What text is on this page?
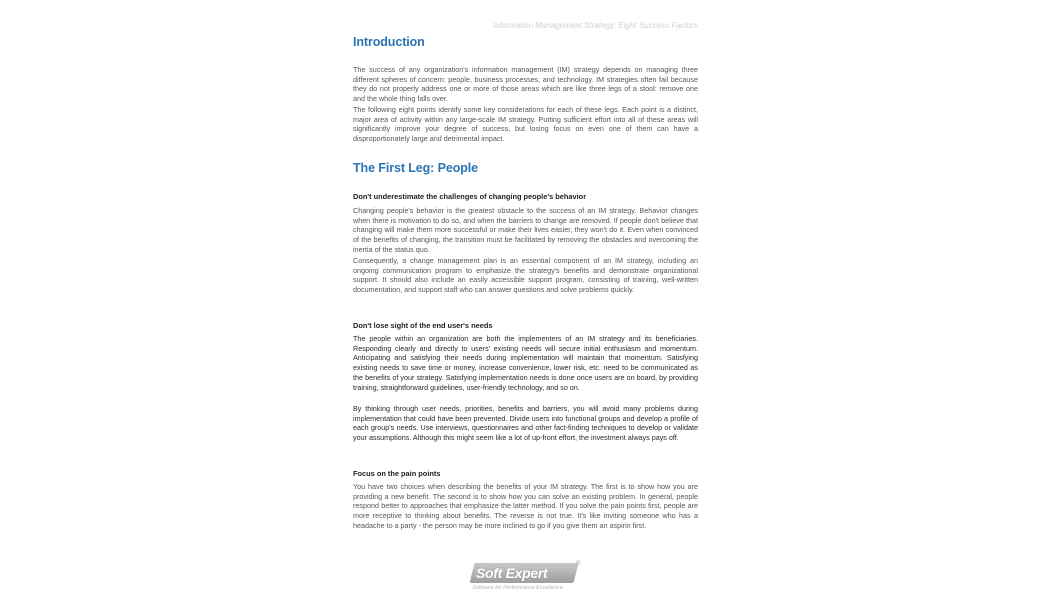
Information Management Strategy: Eight Success Factors
Introduction

The success of any organization's information management (IM) strategy depends on managing three different spheres of concern: people, business processes, and technology. IM strategies often fail because they do not properly address one or more of those areas which are like three legs of a stool: remove one and the whole thing falls over.

The following eight points identify some key considerations for each of these legs. Each point is a distinct, major area of activity within any large-scale IM strategy. Putting sufficient effort into all of these areas will significantly improve your degree of success, but losing focus on even one of them can have a disproportionately large and detrimental impact.

The First Leg: People
Don't underestimate the challenges of changing people's behavior

Changing people's behavior is the greatest obstacle to the success of an IM strategy. Behavior changes when there is motivation to do so, and when the barriers to change are removed. If people don't believe that changing will make them more successful or make their lives easier, they won't do it. Even when convinced of the benefits of changing, the transition must be facilitated by removing the obstacles and overcoming the inertia of the status quo.

Consequently, a change management plan is an essential component of an IM strategy, including an ongoing communication program to emphasize the strategy's benefits and demonstrate organizational support. It should also include an easily accessible support program, consisting of training, well-written documentation, and support staff who can answer questions and solve problems quickly.

Don't lose sight of the end user's needs

The people within an organization are both the implementers of an IM strategy and its beneficiaries. Responding clearly and directly to users' existing needs will secure initial enthusiasm and momentum. Anticipating and satisfying their needs during implementation will maintain that momentum. Satisfying existing needs to save time or money, increase convenience, lower risk, etc. need to be communicated as the benefits of your strategy. Satisfying implementation needs is done once users are on board, by providing training, straightforward guidelines, user-friendly technology, and so on.

By thinking through user needs, priorities, benefits and barriers, you will avoid many problems during implementation that could have been prevented. Divide users into functional groups and develop a profile of each group's needs. Use interviews, questionnaires and other fact-finding techniques to develop or validate your assumptions. Although this might seem like a lot of up-front effort, the investment always pays off.

Focus on the pain points

You have two choices when describing the benefits of your IM strategy. The first is to show how you are providing a new benefit. The second is to show how you can solve an existing problem. In general, people respond better to approaches that emphasize the latter method. If you solve the pain points first, people are more receptive to thinking about benefits. The reverse is not true. It's like inviting someone who has a headache to a party - the person may be more inclined to go if you give them an aspirin first.

Soft Expert
®
Software for Performance Excellence
